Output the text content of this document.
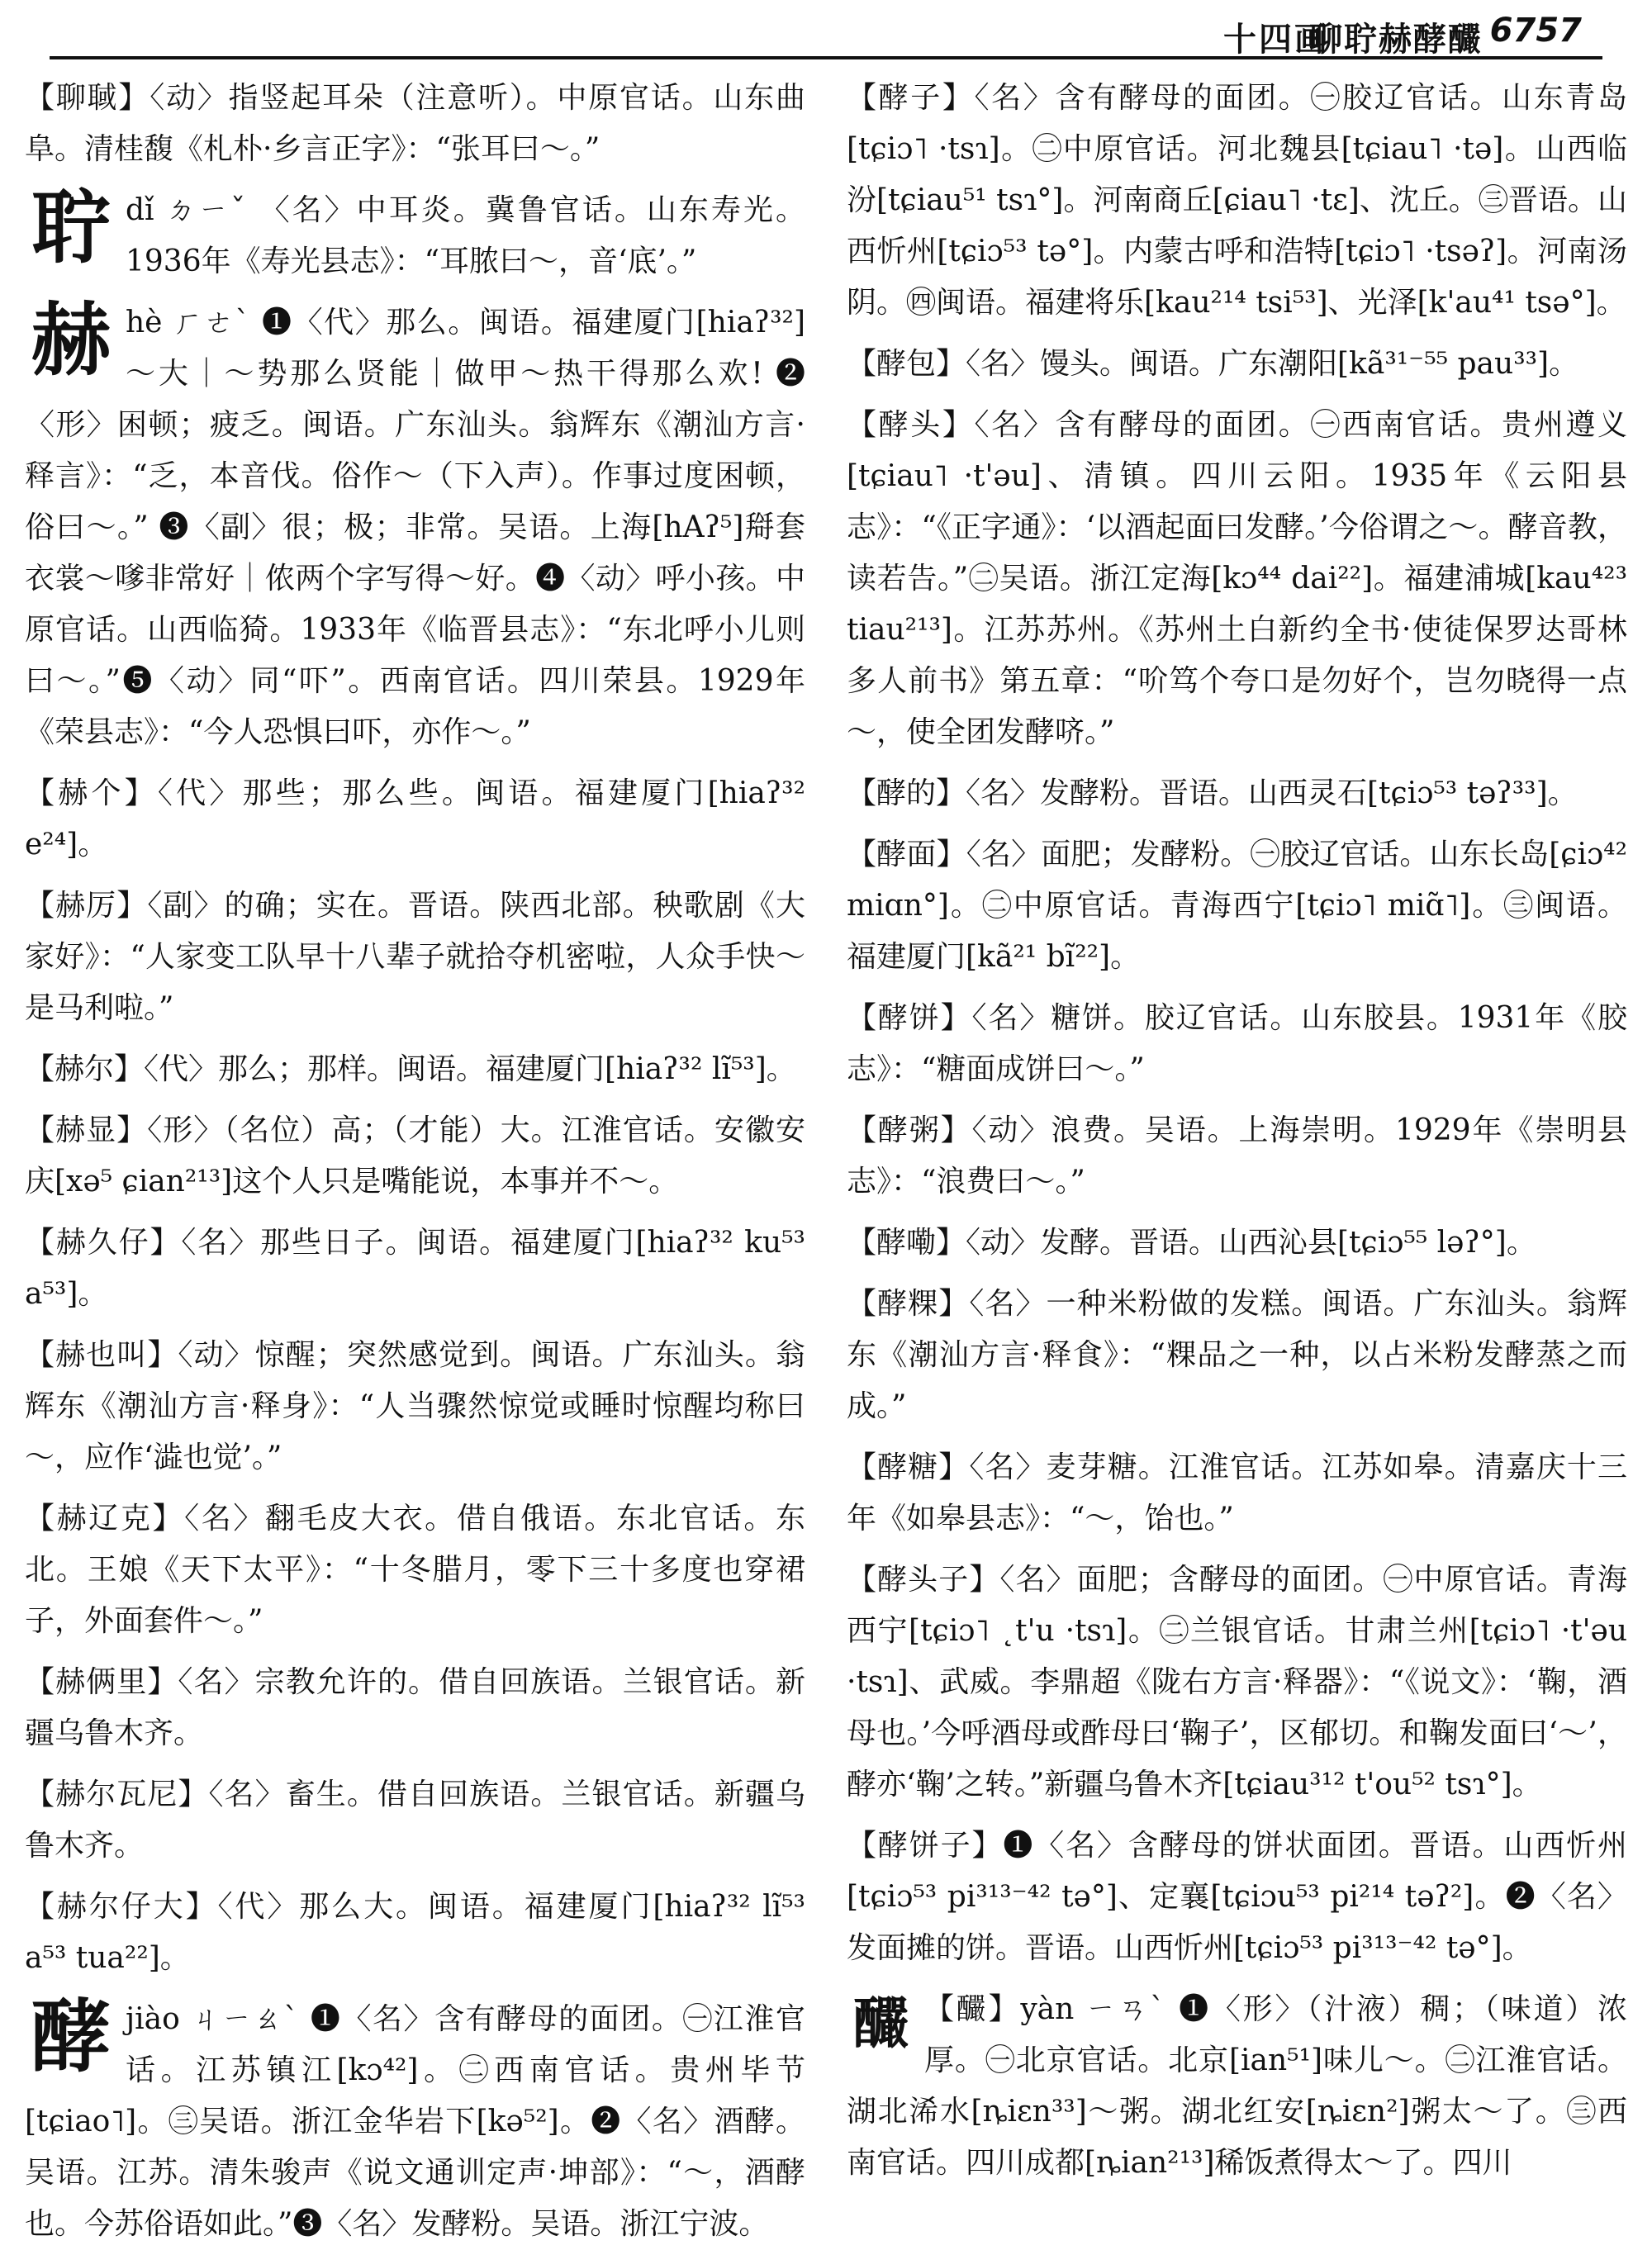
十四画
聊聍赫酵釅 6757

【聊聝】〈动〉指竖起耳朵（注意听）。中原官话。山东曲阜。清桂馥《札朴·乡言正字》：“张耳曰～。”

聍dǐ ㄉㄧˇ 〈名〉中耳炎。冀鲁官话。山东寿光。1936年《寿光县志》：“耳脓曰～，音‘底’。”

赫hè ㄏㄜˋ ❶〈代〉那么。闽语。福建厦门[hiaʔ³²]～大｜～势那么贤能｜做甲～热干得那么欢! ❷〈形〉困顿；疲乏。闽语。广东汕头。翁辉东《潮汕方言·释言》：“乏，本音伐。俗作～（下入声）。作事过度困顿，俗曰～。” ❸〈副〉很；极；非常。吴语。上海[hAʔ⁵]搿套衣裳～嗲非常好｜侬两个字写得～好。❹〈动〉呼小孩。中原官话。山西临猗。1933年《临晋县志》：“东北呼小儿则曰～。”❺〈动〉同“吓”。西南官话。四川荣县。1929年《荣县志》：“今人恐惧曰吓，亦作～。”

【赫个】〈代〉那些；那么些。闽语。福建厦门[hiaʔ³² e²⁴]。

【赫厉】〈副〉的确；实在。晋语。陕西北部。秧歌剧《大家好》：“人家变工队早十八辈子就拾夺机密啦，人众手快～是马利啦。”

【赫尔】〈代〉那么；那样。闽语。福建厦门[hiaʔ³² lĩ⁵³]。

【赫显】〈形〉（名位）高；（才能）大。江淮官话。安徽安庆[xə⁵ ɕian²¹³]这个人只是嘴能说，本事并不～。

【赫久仔】〈名〉那些日子。闽语。福建厦门[hiaʔ³² ku⁵³ a⁵³]。

【赫也叫】〈动〉惊醒；突然感觉到。闽语。广东汕头。翁辉东《潮汕方言·释身》：“人当骤然惊觉或睡时惊醒均称曰～，应作‘澁也觉’。”

【赫辽克】〈名〉翻毛皮大衣。借自俄语。东北官话。东北。王娘《天下太平》：“十冬腊月，零下三十多度也穿裙子，外面套件～。”

【赫俩里】〈名〉宗教允许的。借自回族语。兰银官话。新疆乌鲁木齐。

【赫尔瓦尼】〈名〉畜生。借自回族语。兰银官话。新疆乌鲁木齐。

【赫尔仔大】〈代〉那么大。闽语。福建厦门[hiaʔ³² lĩ⁵³ a⁵³ tua²²]。

酵jiào ㄐㄧㄠˋ ❶〈名〉含有酵母的面团。㊀江淮官话。江苏镇江[kɔ⁴²]。㊁西南官话。贵州毕节[tɕiao˥]。㊂吴语。浙江金华岩下[kə⁵²]。❷〈名〉酒酵。吴语。江苏。清朱骏声《说文通训定声·坤部》：“～，酒酵也。今苏俗语如此。”❸〈名〉发酵粉。吴语。浙江宁波。

【酵子】〈名〉含有酵母的面团。㊀胶辽官话。山东青岛[tɕiɔ˥ ·tsɿ]。㊁中原官话。河北魏县[tɕiau˥ ·tə]。山西临汾[tɕiau⁵¹ tsɿ°]。河南商丘[ɕiau˥ ·tɛ]、沈丘。㊂晋语。山西忻州[tɕiɔ⁵³ tə°]。内蒙古呼和浩特[tɕiɔ˥ ·tsəʔ]。河南汤阴。㊃闽语。福建将乐[kau²¹⁴ tsi⁵³]、光泽[k'au⁴¹ tsə°]。

【酵包】〈名〉馒头。闽语。广东潮阳[kã³¹⁻⁵⁵ pau³³]。

【酵头】〈名〉含有酵母的面团。㊀西南官话。贵州遵义[tɕiau˥ ·t'əu]、清镇。四川云阳。1935年《云阳县志》：“《正字通》：‘以酒起面曰发酵。’今俗谓之～。酵音教，读若告。”㊁吴语。浙江定海[kɔ⁴⁴ dai²²]。福建浦城[kau⁴²³ tiau²¹³]。江苏苏州。《苏州土白新约全书·使徒保罗达哥林多人前书》第五章：“吤笃个夸口是勿好个，岂勿晓得一点～，使全团发酵哜。”

【酵的】〈名〉发酵粉。晋语。山西灵石[tɕiɔ⁵³ təʔ³³]。

【酵面】〈名〉面肥；发酵粉。㊀胶辽官话。山东长岛[ɕiɔ⁴² miɑn°]。㊁中原官话。青海西宁[tɕiɔ˥ miɑ̃˥]。㊂闽语。福建厦门[kã²¹ bĩ²²]。

【酵饼】〈名〉糖饼。胶辽官话。山东胶县。1931年《胶志》：“糖面成饼曰～。”

【酵粥】〈动〉浪费。吴语。上海崇明。1929年《崇明县志》：“浪费曰～。”

【酵嘞】〈动〉发酵。晋语。山西沁县[tɕiɔ⁵⁵ ləʔ°]。

【酵粿】〈名〉一种米粉做的发糕。闽语。广东汕头。翁辉东《潮汕方言·释食》：“粿品之一种，以占米粉发酵蒸之而成。”

【酵糖】〈名〉麦芽糖。江淮官话。江苏如皋。清嘉庆十三年《如皋县志》：“～，饴也。”

【酵头子】〈名〉面肥；含酵母的面团。㊀中原官话。青海西宁[tɕiɔ˥ ˛t'u ·tsɿ]。㊁兰银官话。甘肃兰州[tɕiɔ˥ ·t'əu ·tsɿ]、武威。李鼎超《陇右方言·释器》：“《说文》：‘鞠，酒母也。’今呼酒母或酢母曰‘鞠子’，区郁切。和鞠发面曰‘～’，酵亦‘鞠’之转。”新疆乌鲁木齐[tɕiau³¹² t'ou⁵² tsɿ°]。

【酵饼子】❶〈名〉含酵母的饼状面团。晋语。山西忻州[tɕiɔ⁵³ pi³¹³⁻⁴² tə°]、定襄[tɕiɔu⁵³ pi²¹⁴ təʔ²]。❷〈名〉发面摊的饼。晋语。山西忻州[tɕiɔ⁵³ pi³¹³⁻⁴² tə°]。

釅 【釅】yàn ㄧㄢˋ ❶〈形〉（汁液）稠；（味道）浓厚。㊀北京官话。北京[ian⁵¹]味儿～。㊁江淮官话。湖北浠水[ȵiɛn³³]～粥。湖北红安[ȵiɛn²]粥太～了。㊂西南官话。四川成都[ȵian²¹³]稀饭煮得太～了。四川
